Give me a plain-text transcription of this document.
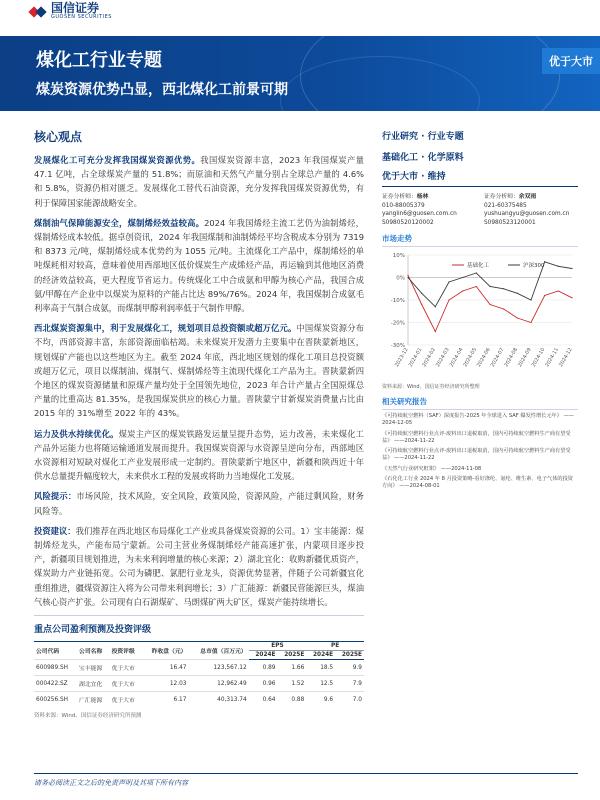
国信证券
GUOSEN SECURITIES
煤化工行业专题
煤炭资源优势凸显，西北煤化工前景可期
优于大市
核心观点
发展煤化工可充分发挥我国煤炭资源优势。我国煤炭资源丰富，2023 年我国煤炭产量 47.1 亿吨，占全球煤炭产量的 51.8%；而原油和天然气产量分别占全球总产量的 4.6%和 5.8%，资源仍相对匮乏。发展煤化工替代石油资源，充分发挥我国煤炭资源优势，有利于保障国家能源战略安全。
煤制油气保障能源安全，煤制烯烃效益较高。2024 年我国烯烃主流工艺仍为油制烯烃，煤制烯烃成本较低。据卓创资讯，2024 年我国煤制和油制烯烃平均含税成本分别为 7319 和 8373 元/吨，煤制烯烃成本优势约为 1055 元/吨。主流煤化工产品中，煤制烯烃的单吨煤耗相对较高，意味着使用西部地区低价煤炭生产成烯烃产品，再运输到其他地区消费的经济效益较高，更大程度节省运力。传统煤化工中合成氨和甲醇为核心产品，我国合成氨/甲醇在产企业中以煤炭为原料的产能占比达 89%/76%。2024 年，我国煤制合成氨毛利率高于气制合成氨，而煤制甲醇利润率低于气制作甲醇。
西北煤炭资源集中，利于发展煤化工，规划项目总投资额或超万亿元。中国煤炭资源分布不均，西部资源丰富，东部资源面临枯竭。未来煤炭开发潜力主要集中在晋陕蒙新地区，规划煤矿产能也以这些地区为主。截至 2024 年底，西北地区规划的煤化工项目总投资额或超万亿元，项目以煤制油、煤制气、煤制烯烃等主流现代煤化工产品为主。晋陕蒙新四个地区的煤炭资源储量和原煤产量均处于全国领先地位，2023 年合计产量占全国原煤总产量的比重高达 81.35%，是我国煤炭供应的核心力量。晋陕蒙宁甘新煤炭消费量占比由 2015 年的 31%增至 2022 年的 43%。
运力及供水持续优化。煤炭主产区的煤炭铁路发运量呈提升态势，运力改善，未来煤化工产品外运能力也将随运输通道发展而提升。我国煤炭资源与水资源呈逆向分布，西部地区水资源相对短缺对煤化工产业发展形成一定制约。晋陕蒙新宁地区中，新疆和陕西近十年供水总量提升幅度较大，未来供水工程的发展或将助力当地煤化工发展。
风险提示：市场风险，技术风险，安全风险，政策风险，资源风险，产能过剩风险，财务风险等。
投资建议：我们推荐在西北地区布局煤化工产业或具备煤炭资源的公司。1）宝丰能源：煤制烯烃龙头，产能布局宁蒙新。公司主营业务煤制烯烃产能高速扩张，内蒙项目逐步投产，新疆项目规划推进，为未来利润增量的核心来源；2）湖北宜化：收购新疆优质资产，煤炭助力产业链拓宽。公司为磷肥、氯肥行业龙头，资源优势显著，伴随子公司新疆宜化重组推进，疆煤资源注入将为公司带来利润增长；3）广汇能源：新疆民营能源巨头，煤油气核心资产扩张。公司现有白石湖煤矿、马朗煤矿两大矿区，煤炭产能持续增长。
重点公司盈利预测及投资评级
公司代码	公司名称	投资评级	昨收盘（元）	总市值（百万元）	EPS		PE	
					2024E	2025E	2024E	2025E
600989.SH	宝丰能源	优于大市	16.47	123,567.12	0.89	1.66	18.5	9.9
000422.SZ	湖北宜化	优于大市	12.03	12,962.49	0.96	1.52	12.5	7.9
600256.SH	广汇能源	优于大市	6.17	40,313.74	0.64	0.88	9.6	7.0
资料来源：Wind、国信证券经济研究所预测
行业研究 · 行业专题
基础化工 · 化学原料
优于大市 · 维持
证券分析师：杨林
010-88005379
yanglin6@guosen.com.cn
S0980520120002
证券分析师：余双雨
021-60375485
yushuangyu@guosen.com.cn
S0980523120001
市场走势
10%
0%
-10%
-20%
-30%
2023-12
2024-01
2024-02
2024-03
2024-04
2024-05
2024-06
2024-07
2024-08
2024-09
2024-10
2024-11
2024-12
基础化工	沪深300
资料来源：Wind、国信证券经济研究所整理
相关研究报告
《可持续航空燃料（SAF）深度报告-2025 年全球进入 SAF 爆发性增长元年》 ——2024-12-05
《可持续航空燃料行业点评-废料出口退税取消，国内可持续航空燃料生产商有望受益》 ——2024-11-22
《可持续航空燃料行业点评-废料出口退税取消，国内可持续航空燃料生产商有望受益》 ——2024-11-22
《天然气行业研究框架》 ——2024-11-08
《石化化工行业 2024 年 8 月投资策略-看好涤纶、氨纶、维生素、电子气体的投资方向》 ——2024-08-01
请务必阅读正文之后的免责声明及其项下所有内容
